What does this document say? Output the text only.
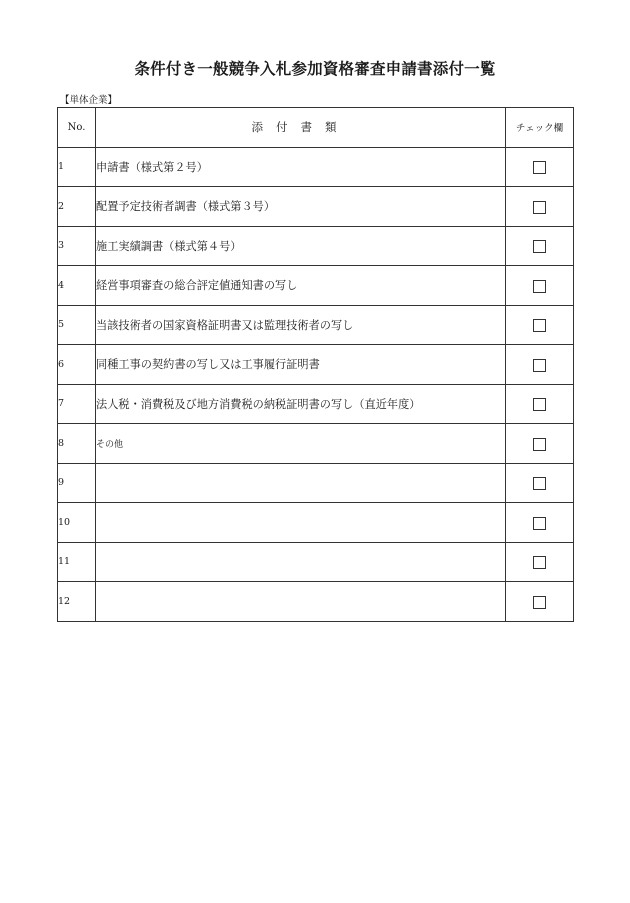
条件付き一般競争入札参加資格審査申請書添付一覧
【単体企業】
No.	添付書類	チェック欄
1	申請書（様式第２号）	
2	配置予定技術者調書（様式第３号）	
3	施工実績調書（様式第４号）	
4	経営事項審査の総合評定値通知書の写し	
5	当該技術者の国家資格証明書又は監理技術者の写し	
6	同種工事の契約書の写し又は工事履行証明書	
7	法人税・消費税及び地方消費税の納税証明書の写し（直近年度）	
8	その他	
9		
10		
11		
12		
